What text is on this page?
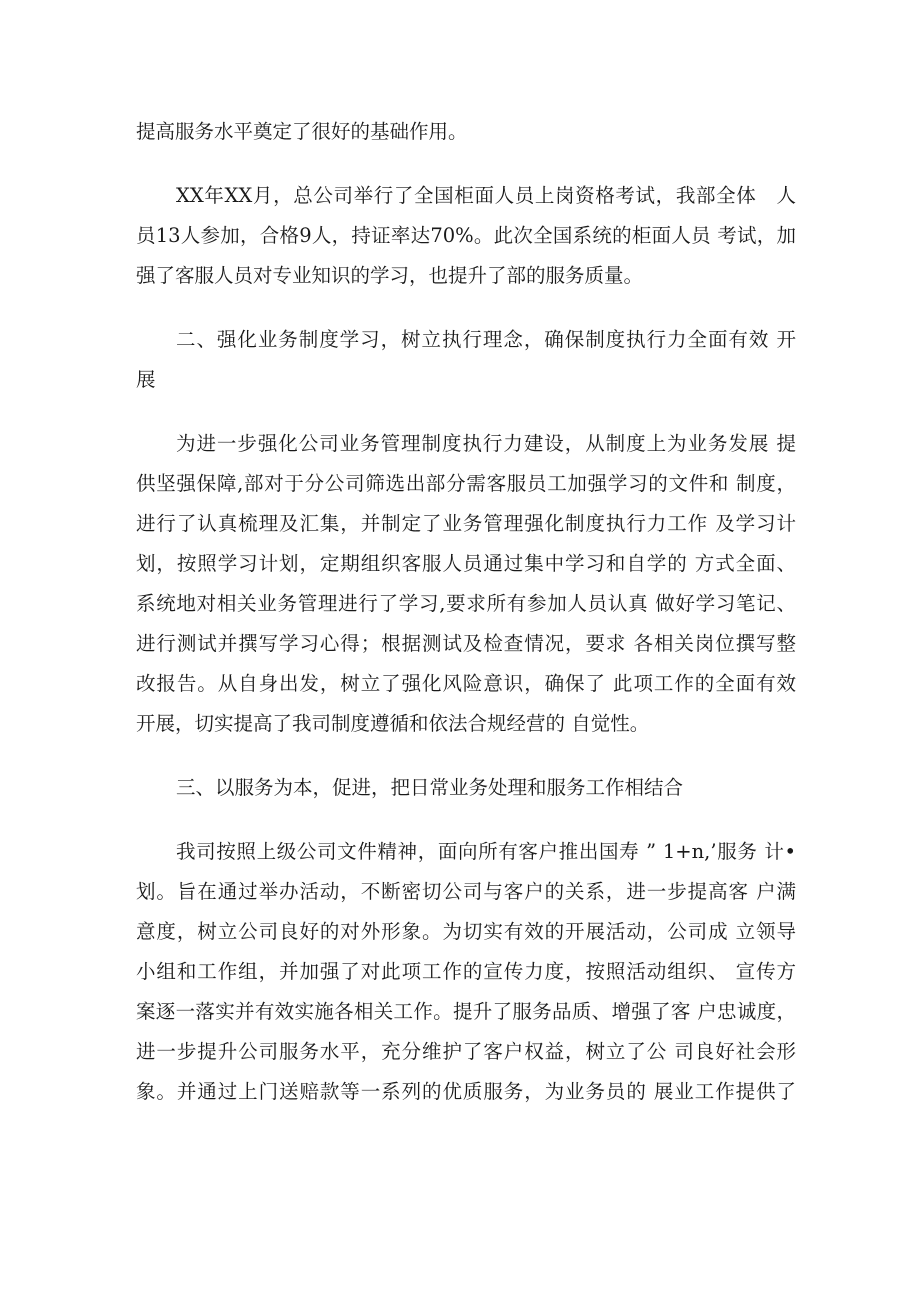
提高服务水平奠定了很好的基础作用。

XX年XX月，总公司举行了全国柜面人员上岗资格考试，我部全体　人
员13人参加，合格9人，持证率达70%。此次全国系统的柜面人员 考试，加
强了客服人员对专业知识的学习，也提升了部的服务质量。

二、强化业务制度学习，树立执行理念，确保制度执行力全面有效 开
展

为进一步强化公司业务管理制度执行力建设，从制度上为业务发展 提
供坚强保障,部对于分公司筛选出部分需客服员工加强学习的文件和 制度，
进行了认真梳理及汇集，并制定了业务管理强化制度执行力工作 及学习计
划，按照学习计划，定期组织客服人员通过集中学习和自学的 方式全面、
系统地对相关业务管理进行了学习,要求所有参加人员认真 做好学习笔记、
进行测试并撰写学习心得；根据测试及检查情况，要求 各相关岗位撰写整
改报告。从自身出发，树立了强化风险意识，确保了 此项工作的全面有效
开展，切实提高了我司制度遵循和依法合规经营的 自觉性。

三、以服务为本，促进，把日常业务处理和服务工作相结合

我司按照上级公司文件精神，面向所有客户推出国寿 ” 1+n,’服务 计•
划。旨在通过举办活动，不断密切公司与客户的关系，进一步提高客 户满
意度，树立公司良好的对外形象。为切实有效的开展活动，公司成 立领导
小组和工作组，并加强了对此项工作的宣传力度，按照活动组织、 宣传方
案逐一落实并有效实施各相关工作。提升了服务品质、增强了客 户忠诚度，
进一步提升公司服务水平，充分维护了客户权益，树立了公 司良好社会形
象。并通过上门送赔款等一系列的优质服务，为业务员的 展业工作提供了
